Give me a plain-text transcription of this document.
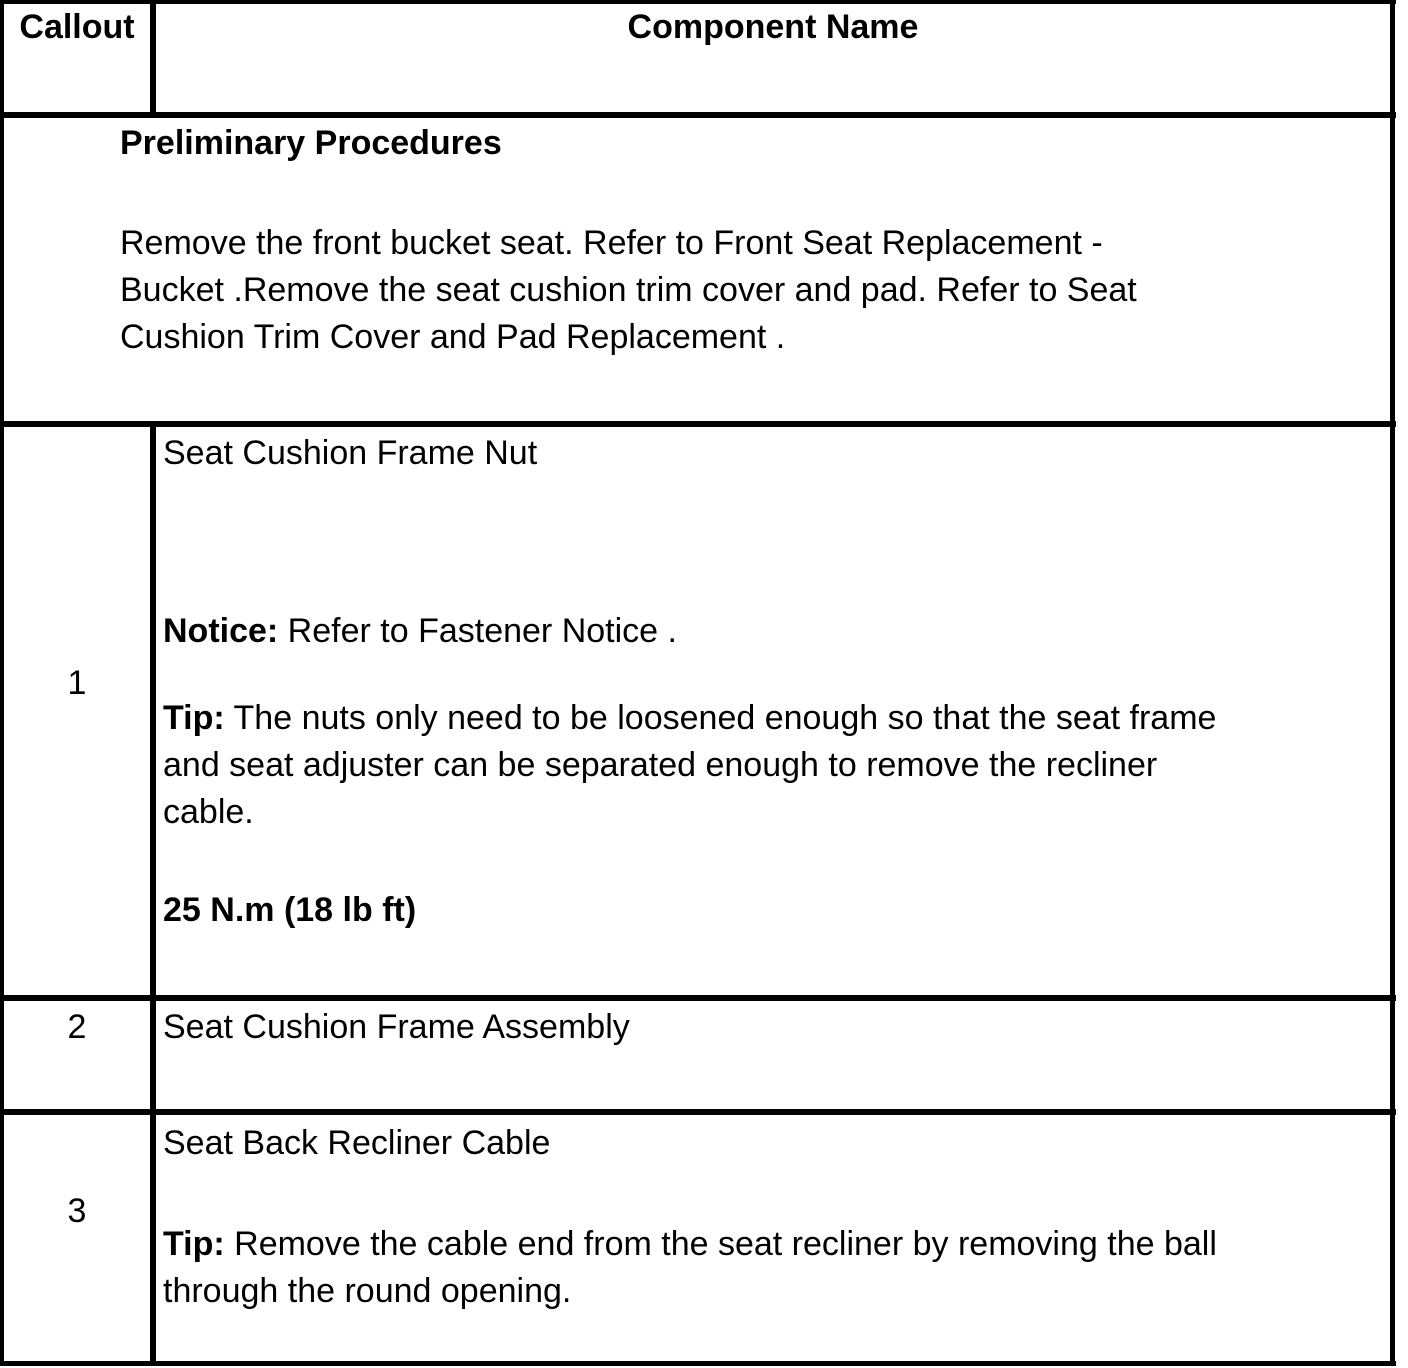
Callout	Component Name
Preliminary Procedures
Remove the front bucket seat. Refer to Front Seat Replacement -
Bucket .Remove the seat cushion trim cover and pad. Refer to Seat
Cushion Trim Cover and Pad Replacement .
1
Seat Cushion Frame Nut
Notice: Refer to Fastener Notice .
Tip: The nuts only need to be loosened enough so that the seat frame
and seat adjuster can be separated enough to remove the recliner
cable.
25 N.m (18 lb ft)
2	Seat Cushion Frame Assembly
3
Seat Back Recliner Cable
Tip: Remove the cable end from the seat recliner by removing the ball
through the round opening.
